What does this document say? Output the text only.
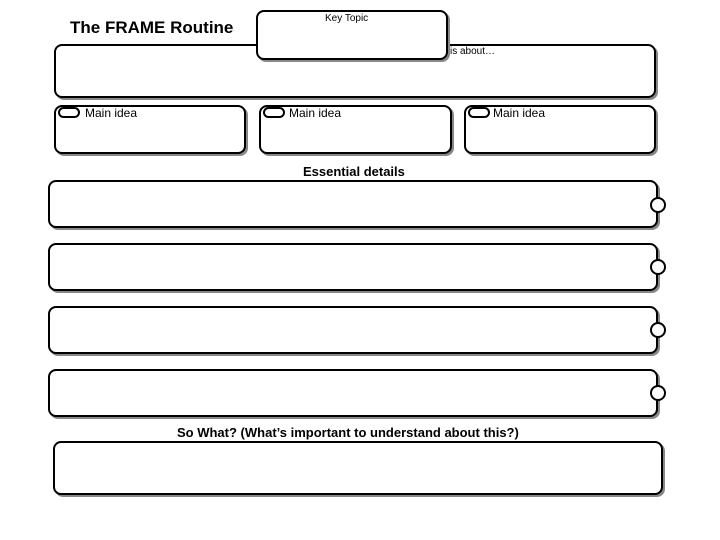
The FRAME Routine	Key Topic
is about…
Main idea	Main idea	Main idea
Essential details
So What? (What’s important to understand about this?)
